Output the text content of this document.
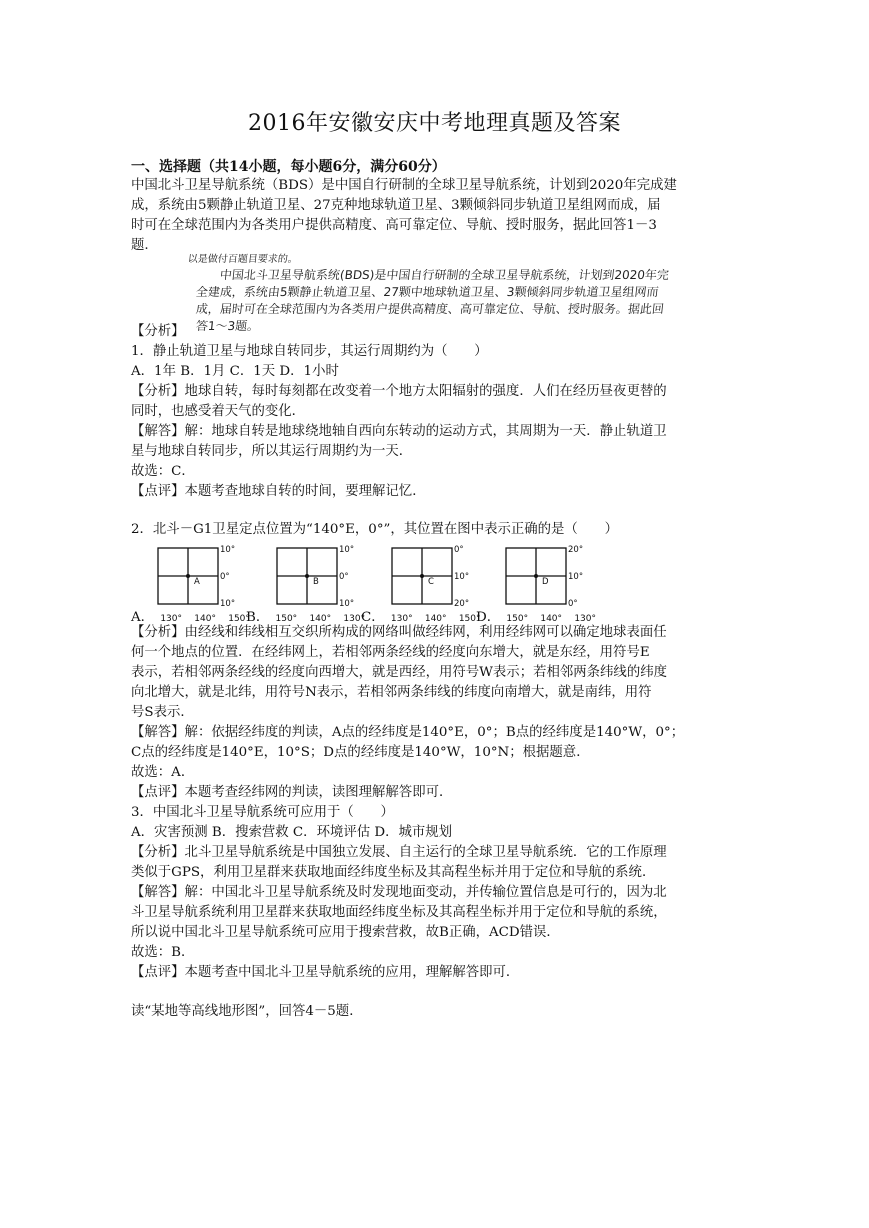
2016年安徽安庆中考地理真题及答案
一、选择题（共14小题，每小题6分，满分60分）
中国北斗卫星导航系统（BDS）是中国自行研制的全球卫星导航系统，计划到2020年完成建
成，系统由5颗静止轨道卫星、27克种地球轨道卫星、3颗倾斜同步轨道卫星组网而成，届
时可在全球范围内为各类用户提供高精度、高可靠定位、导航、授时服务，据此回答1－3
题.
以是做付百题目要求的。
中国北斗卫星导航系统(BDS)是中国自行研制的全球卫星导航系统，计划到2020年完
全建成，系统由5颗静止轨道卫星、27颗中地球轨道卫星、3颗倾斜同步轨道卫星组网而
成，届时可在全球范围内为各类用户提供高精度、高可靠定位、导航、授时服务。据此回
答1～3题。
【分析】
1．静止轨道卫星与地球自转同步，其运行周期约为（　　）
A．1年 B．1月 C．1天 D．1小时
【分析】地球自转，每时每刻都在改变着一个地方太阳辐射的强度．人们在经历昼夜更替的
同时，也感受着天气的变化．
【解答】解：地球自转是地球绕地轴自西向东转动的运动方式，其周期为一天．静止轨道卫
星与地球自转同步，所以其运行周期约为一天．
故选：C．
【点评】本题考查地球自转的时间，要理解记忆．
2．北斗－G1卫星定点位置为“140°E，0°”，其位置在图中表示正确的是（　　）
A
10°
0°
10°
A． 130° 140° 150°
B
10°
0°
10°
B． 150° 140° 130°
C
0°
10°
20°
C． 130° 140° 150°
D
20°
10°
0°
D． 150° 140° 130°
【分析】由经线和纬线相互交织所构成的网络叫做经纬网，利用经纬网可以确定地球表面任
何一个地点的位置．在经纬网上，若相邻两条经线的经度向东增大，就是东经，用符号E
表示，若相邻两条经线的经度向西增大，就是西经，用符号W表示；若相邻两条纬线的纬度
向北增大，就是北纬，用符号N表示，若相邻两条纬线的纬度向南增大，就是南纬，用符
号S表示．
【解答】解：依据经纬度的判读，A点的经纬度是140°E，0°；B点的经纬度是140°W，0°；
C点的经纬度是140°E，10°S；D点的经纬度是140°W，10°N；根据题意．
故选：A．
【点评】本题考查经纬网的判读，读图理解解答即可．
3．中国北斗卫星导航系统可应用于（　　）
A．灾害预测 B．搜索营救 C．环境评估 D．城市规划
【分析】北斗卫星导航系统是中国独立发展、自主运行的全球卫星导航系统．它的工作原理
类似于GPS，利用卫星群来获取地面经纬度坐标及其高程坐标并用于定位和导航的系统．
【解答】解：中国北斗卫星导航系统及时发现地面变动，并传输位置信息是可行的，因为北
斗卫星导航系统利用卫星群来获取地面经纬度坐标及其高程坐标并用于定位和导航的系统，
所以说中国北斗卫星导航系统可应用于搜索营救，故B正确，ACD错误．
故选：B．
【点评】本题考查中国北斗卫星导航系统的应用，理解解答即可．
读“某地等高线地形图”，回答4－5题．
